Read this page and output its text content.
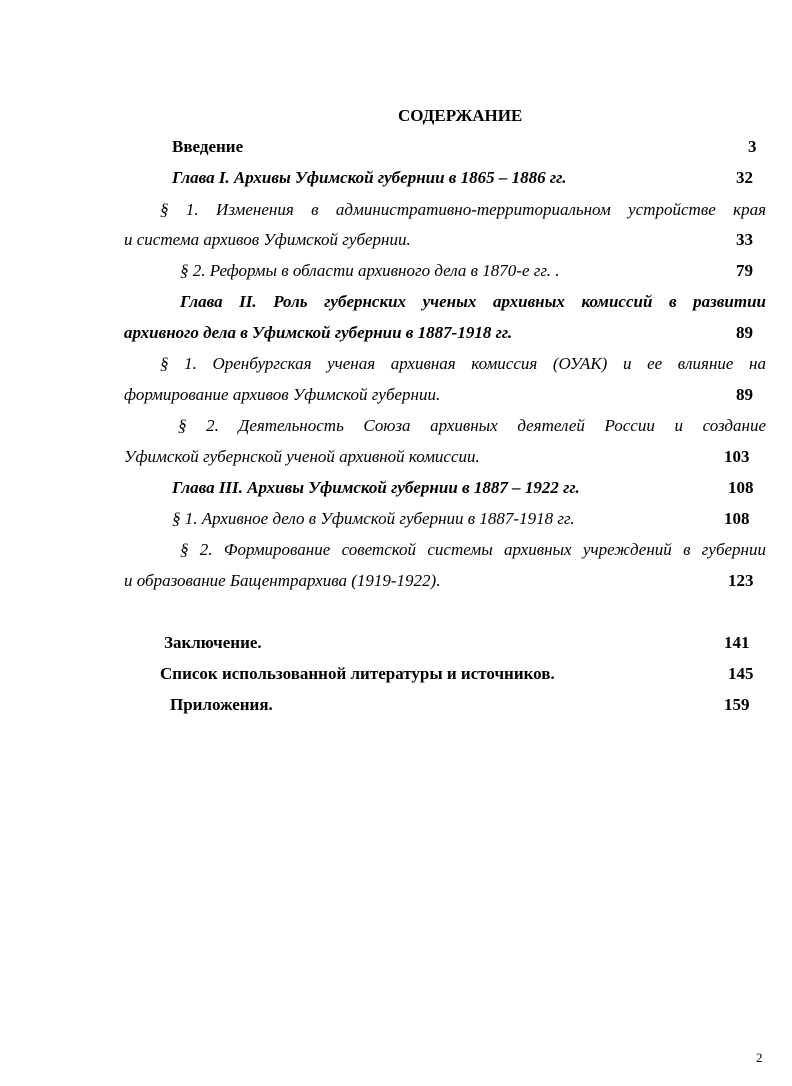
СОДЕРЖАНИЕ
Введение	3
Глава I. Архивы Уфимской губернии в 1865 – 1886 гг.	32
§ 1. Изменения в административно-территориальном устройстве края
и система архивов Уфимской губернии.	33
§ 2. Реформы в области архивного дела в 1870-е гг. .	79
Глава II. Роль губернских ученых архивных комиссий в развитии
архивного дела в Уфимской губернии в 1887-1918 гг.	89
§ 1. Оренбургская ученая архивная комиссия (ОУАК) и ее влияние на
формирование архивов Уфимской губернии.	89
§ 2. Деятельность Союза архивных деятелей России и создание
Уфимской губернской ученой архивной комиссии.	103
Глава III. Архивы Уфимской губернии в 1887 – 1922 гг.	108
§ 1. Архивное дело в Уфимской губернии в 1887-1918 гг.	108
§ 2. Формирование советской системы архивных учреждений в губернии
и образование Бащентрархива (1919-1922).	123
Заключение.	141
Список использованной литературы и источников.	145
Приложения.	159
2
